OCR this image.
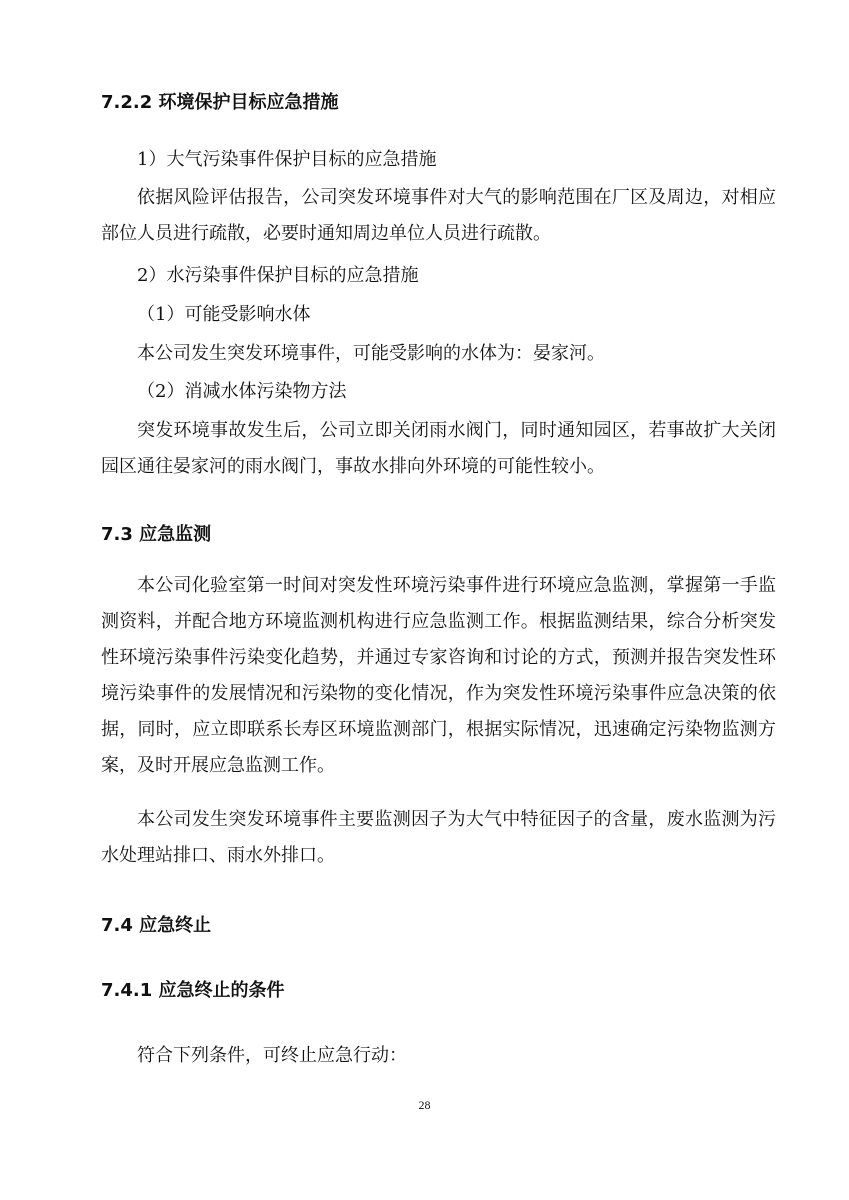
7.2.2 环境保护目标应急措施
1）大气污染事件保护目标的应急措施
依据风险评估报告，公司突发环境事件对大气的影响范围在厂区及周边，对相应部位人员进行疏散，必要时通知周边单位人员进行疏散。
2）水污染事件保护目标的应急措施
（1）可能受影响水体
本公司发生突发环境事件，可能受影响的水体为：晏家河。
（2）消减水体污染物方法
突发环境事故发生后，公司立即关闭雨水阀门，同时通知园区，若事故扩大关闭园区通往晏家河的雨水阀门，事故水排向外环境的可能性较小。
7.3 应急监测
本公司化验室第一时间对突发性环境污染事件进行环境应急监测，掌握第一手监测资料，并配合地方环境监测机构进行应急监测工作。根据监测结果，综合分析突发性环境污染事件污染变化趋势，并通过专家咨询和讨论的方式，预测并报告突发性环境污染事件的发展情况和污染物的变化情况，作为突发性环境污染事件应急决策的依据，同时，应立即联系长寿区环境监测部门，根据实际情况，迅速确定污染物监测方案，及时开展应急监测工作。
本公司发生突发环境事件主要监测因子为大气中特征因子的含量，废水监测为污水处理站排口、雨水外排口。
7.4 应急终止
7.4.1 应急终止的条件
符合下列条件，可终止应急行动：
28
